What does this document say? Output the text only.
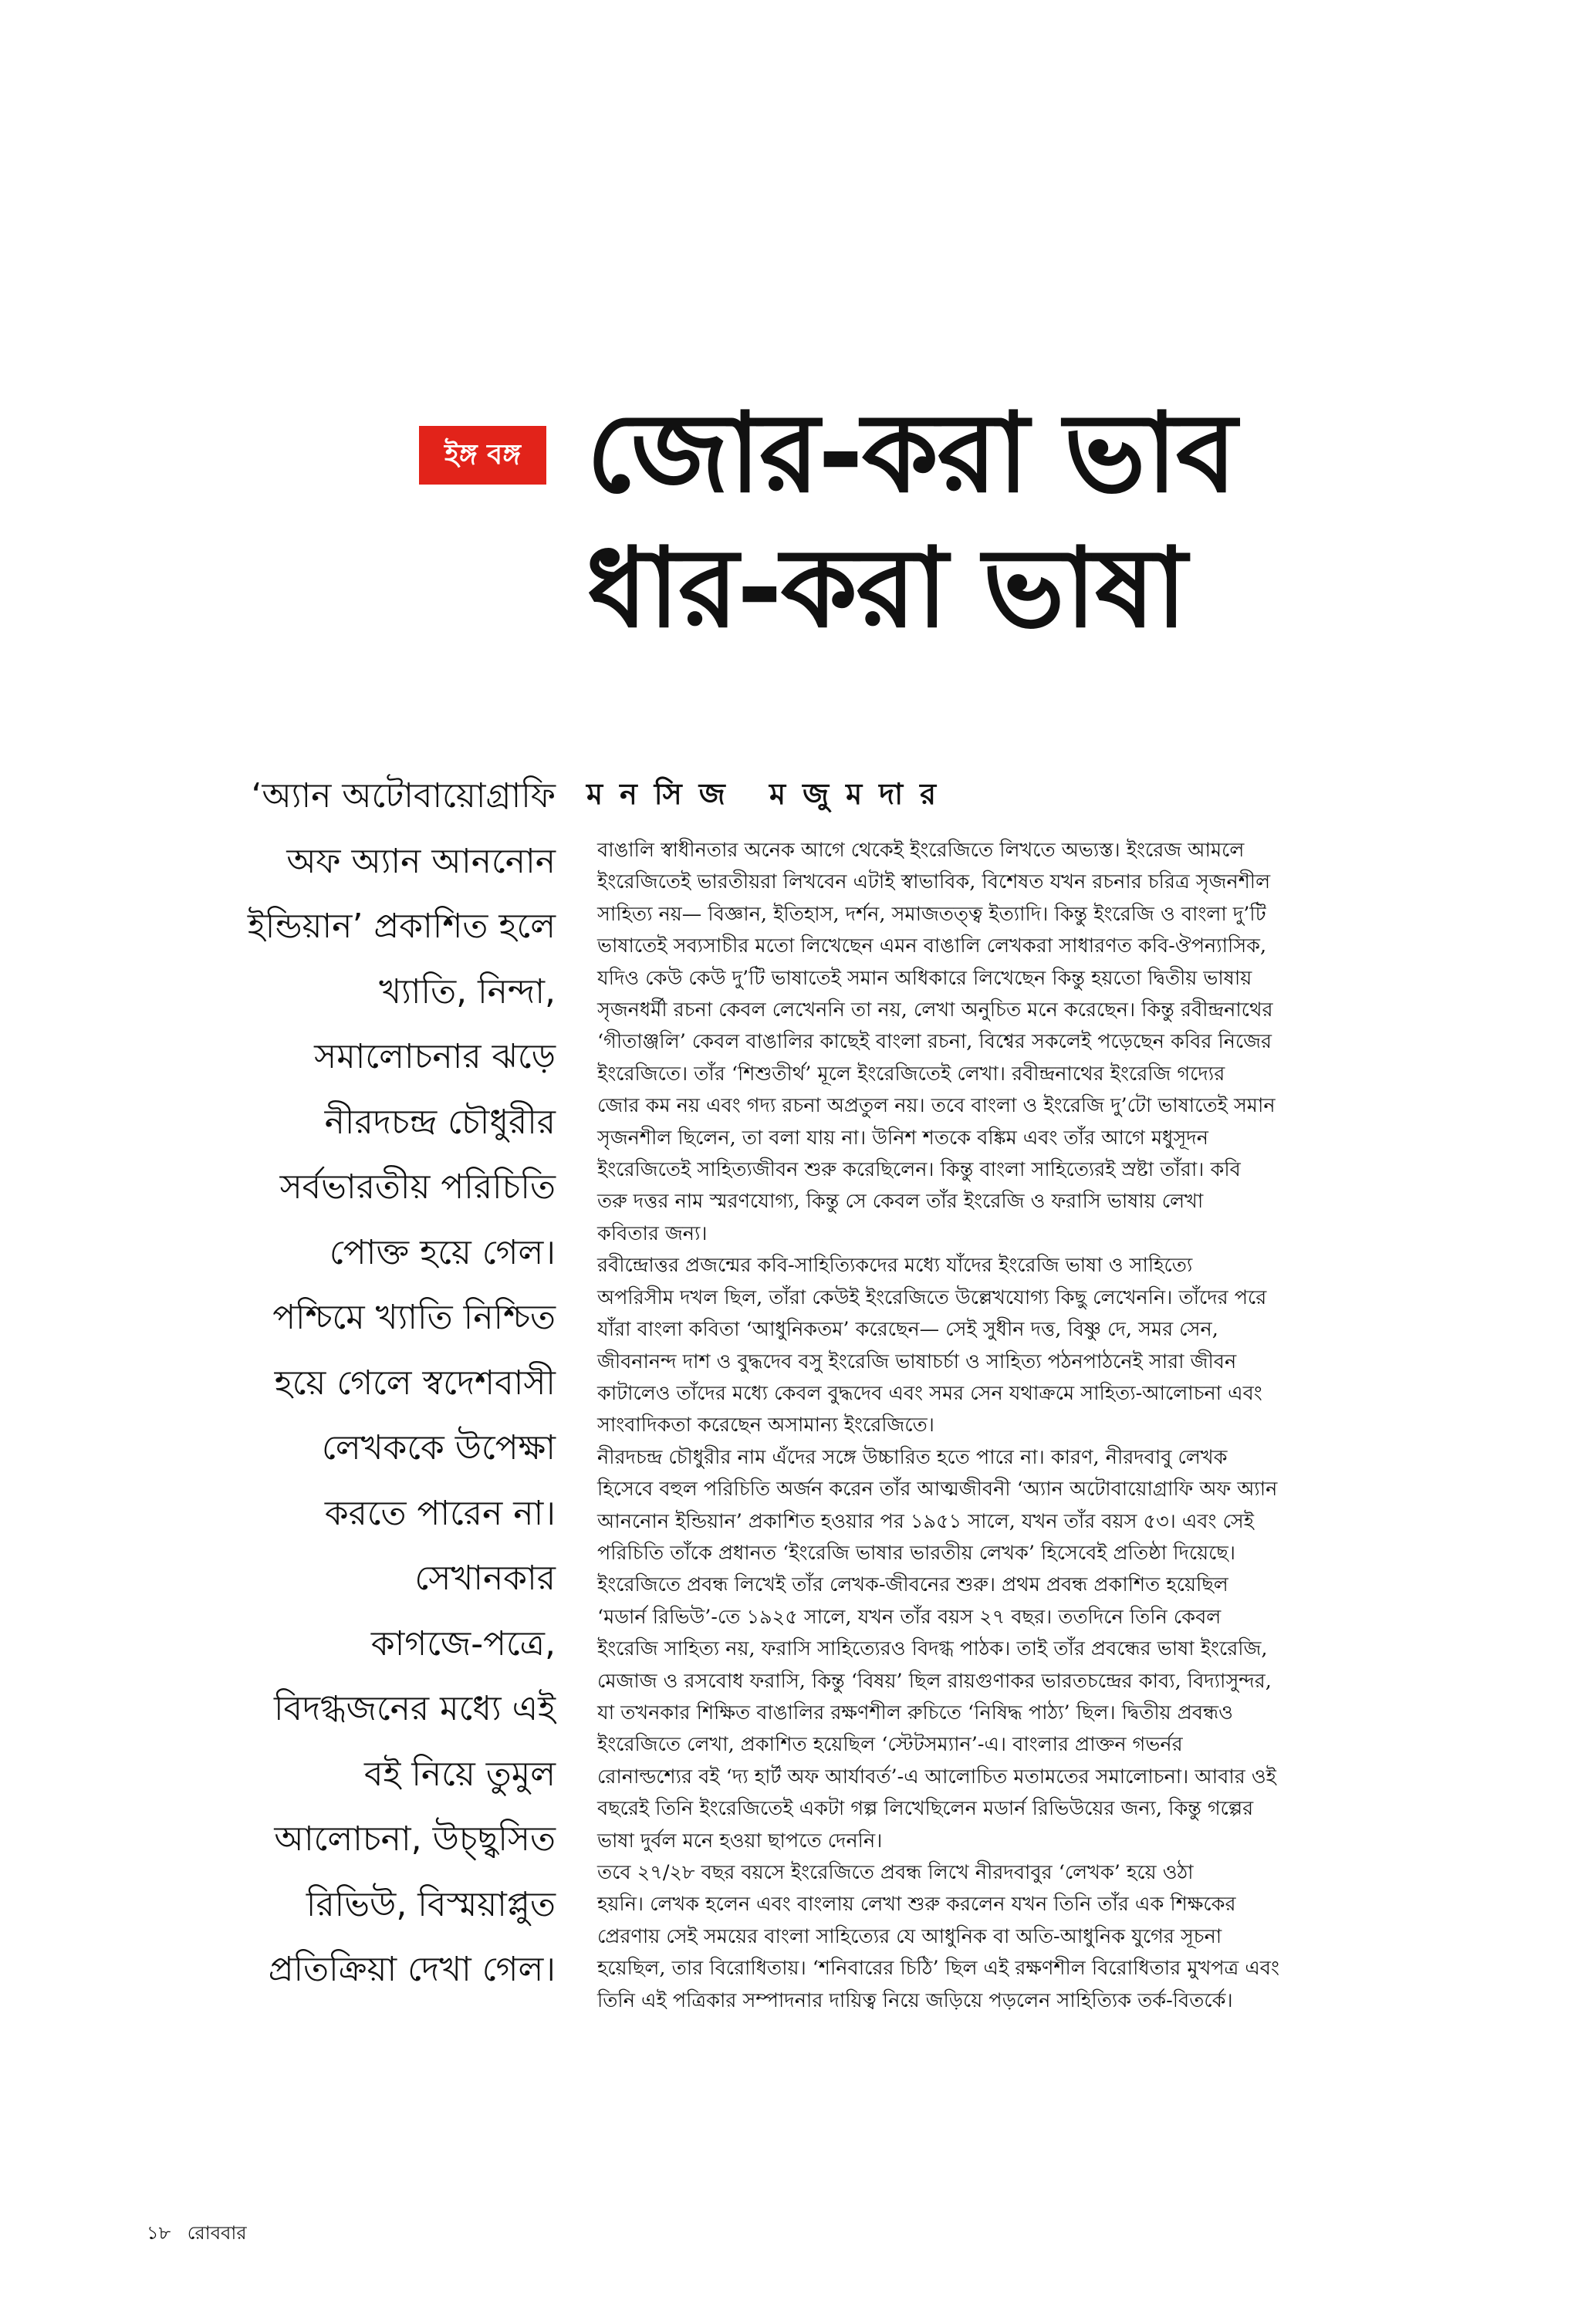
ইঙ্গ বঙ্গ জোর-করা ভাব
ধার-করা ভাষা
‘অ্যান অটোবায়োগ্রাফি
অফ অ্যান আননোন
ইন্ডিয়ান’ প্রকাশিত হলে
খ্যাতি, নিন্দা,
সমালোচনার ঝড়ে
নীরদচন্দ্র চৌধুরীর
সর্বভারতীয় পরিচিতি
পোক্ত হয়ে গেল।
পশ্চিমে খ্যাতি নিশ্চিত
হয়ে গেলে স্বদেশবাসী
লেখককে উপেক্ষা
করতে পারেন না।
সেখানকার
কাগজে-পত্রে,
বিদগ্ধজনের মধ্যে এই
বই নিয়ে তুমুল
আলোচনা, উচ্ছ্বসিত
রিভিউ, বিস্ময়াপ্লুত
প্রতিক্রিয়া দেখা গেল।
মনসিজ মজুমদার
বাঙালি স্বাধীনতার অনেক আগে থেকেই ইংরেজিতে লিখতে অভ্যস্ত। ইংরেজ আমলে
ইংরেজিতেই ভারতীয়রা লিখবেন এটাই স্বাভাবিক, বিশেষত যখন রচনার চরিত্র সৃজনশীল
সাহিত্য নয়— বিজ্ঞান, ইতিহাস, দর্শন, সমাজতত্ত্ব ইত্যাদি। কিন্তু ইংরেজি ও বাংলা দু’টি
ভাষাতেই সব্যসাচীর মতো লিখেছেন এমন বাঙালি লেখকরা সাধারণত কবি-ঔপন্যাসিক,
যদিও কেউ কেউ দু’টি ভাষাতেই সমান অধিকারে লিখেছেন কিন্তু হয়তো দ্বিতীয় ভাষায়
সৃজনধর্মী রচনা কেবল লেখেননি তা নয়, লেখা অনুচিত মনে করেছেন। কিন্তু রবীন্দ্রনাথের
‘গীতাঞ্জলি’ কেবল বাঙালির কাছেই বাংলা রচনা, বিশ্বের সকলেই পড়েছেন কবির নিজের
ইংরেজিতে। তাঁর ‘শিশুতীর্থ’ মূলে ইংরেজিতেই লেখা। রবীন্দ্রনাথের ইংরেজি গদ্যের
জোর কম নয় এবং গদ্য রচনা অপ্রতুল নয়। তবে বাংলা ও ইংরেজি দু’টো ভাষাতেই সমান
সৃজনশীল ছিলেন, তা বলা যায় না। উনিশ শতকে বঙ্কিম এবং তাঁর আগে মধুসূদন
ইংরেজিতেই সাহিত্যজীবন শুরু করেছিলেন। কিন্তু বাংলা সাহিত্যেরই স্রষ্টা তাঁরা। কবি
তরু দত্তর নাম স্মরণযোগ্য, কিন্তু সে কেবল তাঁর ইংরেজি ও ফরাসি ভাষায় লেখা
কবিতার জন্য।
রবীন্দ্রোত্তর প্রজন্মের কবি-সাহিত্যিকদের মধ্যে যাঁদের ইংরেজি ভাষা ও সাহিত্যে
অপরিসীম দখল ছিল, তাঁরা কেউই ইংরেজিতে উল্লেখযোগ্য কিছু লেখেননি। তাঁদের পরে
যাঁরা বাংলা কবিতা ‘আধুনিকতম’ করেছেন— সেই সুধীন দত্ত, বিষ্ণু দে, সমর সেন,
জীবনানন্দ দাশ ও বুদ্ধদেব বসু ইংরেজি ভাষাচর্চা ও সাহিত্য পঠনপাঠনেই সারা জীবন
কাটালেও তাঁদের মধ্যে কেবল বুদ্ধদেব এবং সমর সেন যথাক্রমে সাহিত্য-আলোচনা এবং
সাংবাদিকতা করেছেন অসামান্য ইংরেজিতে।
নীরদচন্দ্র চৌধুরীর নাম এঁদের সঙ্গে উচ্চারিত হতে পারে না। কারণ, নীরদবাবু লেখক
হিসেবে বহুল পরিচিতি অর্জন করেন তাঁর আত্মজীবনী ‘অ্যান অটোবায়োগ্রাফি অফ অ্যান
আননোন ইন্ডিয়ান’ প্রকাশিত হওয়ার পর ১৯৫১ সালে, যখন তাঁর বয়স ৫৩। এবং সেই
পরিচিতি তাঁকে প্রধানত ‘ইংরেজি ভাষার ভারতীয় লেখক’ হিসেবেই প্রতিষ্ঠা দিয়েছে।
ইংরেজিতে প্রবন্ধ লিখেই তাঁর লেখক-জীবনের শুরু। প্রথম প্রবন্ধ প্রকাশিত হয়েছিল
‘মডার্ন রিভিউ’-তে ১৯২৫ সালে, যখন তাঁর বয়স ২৭ বছর। ততদিনে তিনি কেবল
ইংরেজি সাহিত্য নয়, ফরাসি সাহিত্যেরও বিদগ্ধ পাঠক। তাই তাঁর প্রবন্ধের ভাষা ইংরেজি,
মেজাজ ও রসবোধ ফরাসি, কিন্তু ‘বিষয়’ ছিল রায়গুণাকর ভারতচন্দ্রের কাব্য, বিদ্যাসুন্দর,
যা তখনকার শিক্ষিত বাঙালির রক্ষণশীল রুচিতে ‘নিষিদ্ধ পাঠ্য’ ছিল। দ্বিতীয় প্রবন্ধও
ইংরেজিতে লেখা, প্রকাশিত হয়েছিল ‘স্টেটসম্যান’-এ। বাংলার প্রাক্তন গভর্নর
রোনাল্ডশ্যের বই ‘দ্য হার্ট অফ আর্যাবর্ত’-এ আলোচিত মতামতের সমালোচনা। আবার ওই
বছরেই তিনি ইংরেজিতেই একটা গল্প লিখেছিলেন মডার্ন রিভিউয়ের জন্য, কিন্তু গল্পের
ভাষা দুর্বল মনে হওয়া ছাপতে দেননি।
তবে ২৭/২৮ বছর বয়সে ইংরেজিতে প্রবন্ধ লিখে নীরদবাবুর ‘লেখক’ হয়ে ওঠা
হয়নি। লেখক হলেন এবং বাংলায় লেখা শুরু করলেন যখন তিনি তাঁর এক শিক্ষকের
প্রেরণায় সেই সময়ের বাংলা সাহিত্যের যে আধুনিক বা অতি-আধুনিক যুগের সূচনা
হয়েছিল, তার বিরোধিতায়। ‘শনিবারের চিঠি’ ছিল এই রক্ষণশীল বিরোধিতার মুখপত্র এবং
তিনি এই পত্রিকার সম্পাদনার দায়িত্ব নিয়ে জড়িয়ে পড়লেন সাহিত্যিক তর্ক-বিতর্কে।
১৮ রোববার
